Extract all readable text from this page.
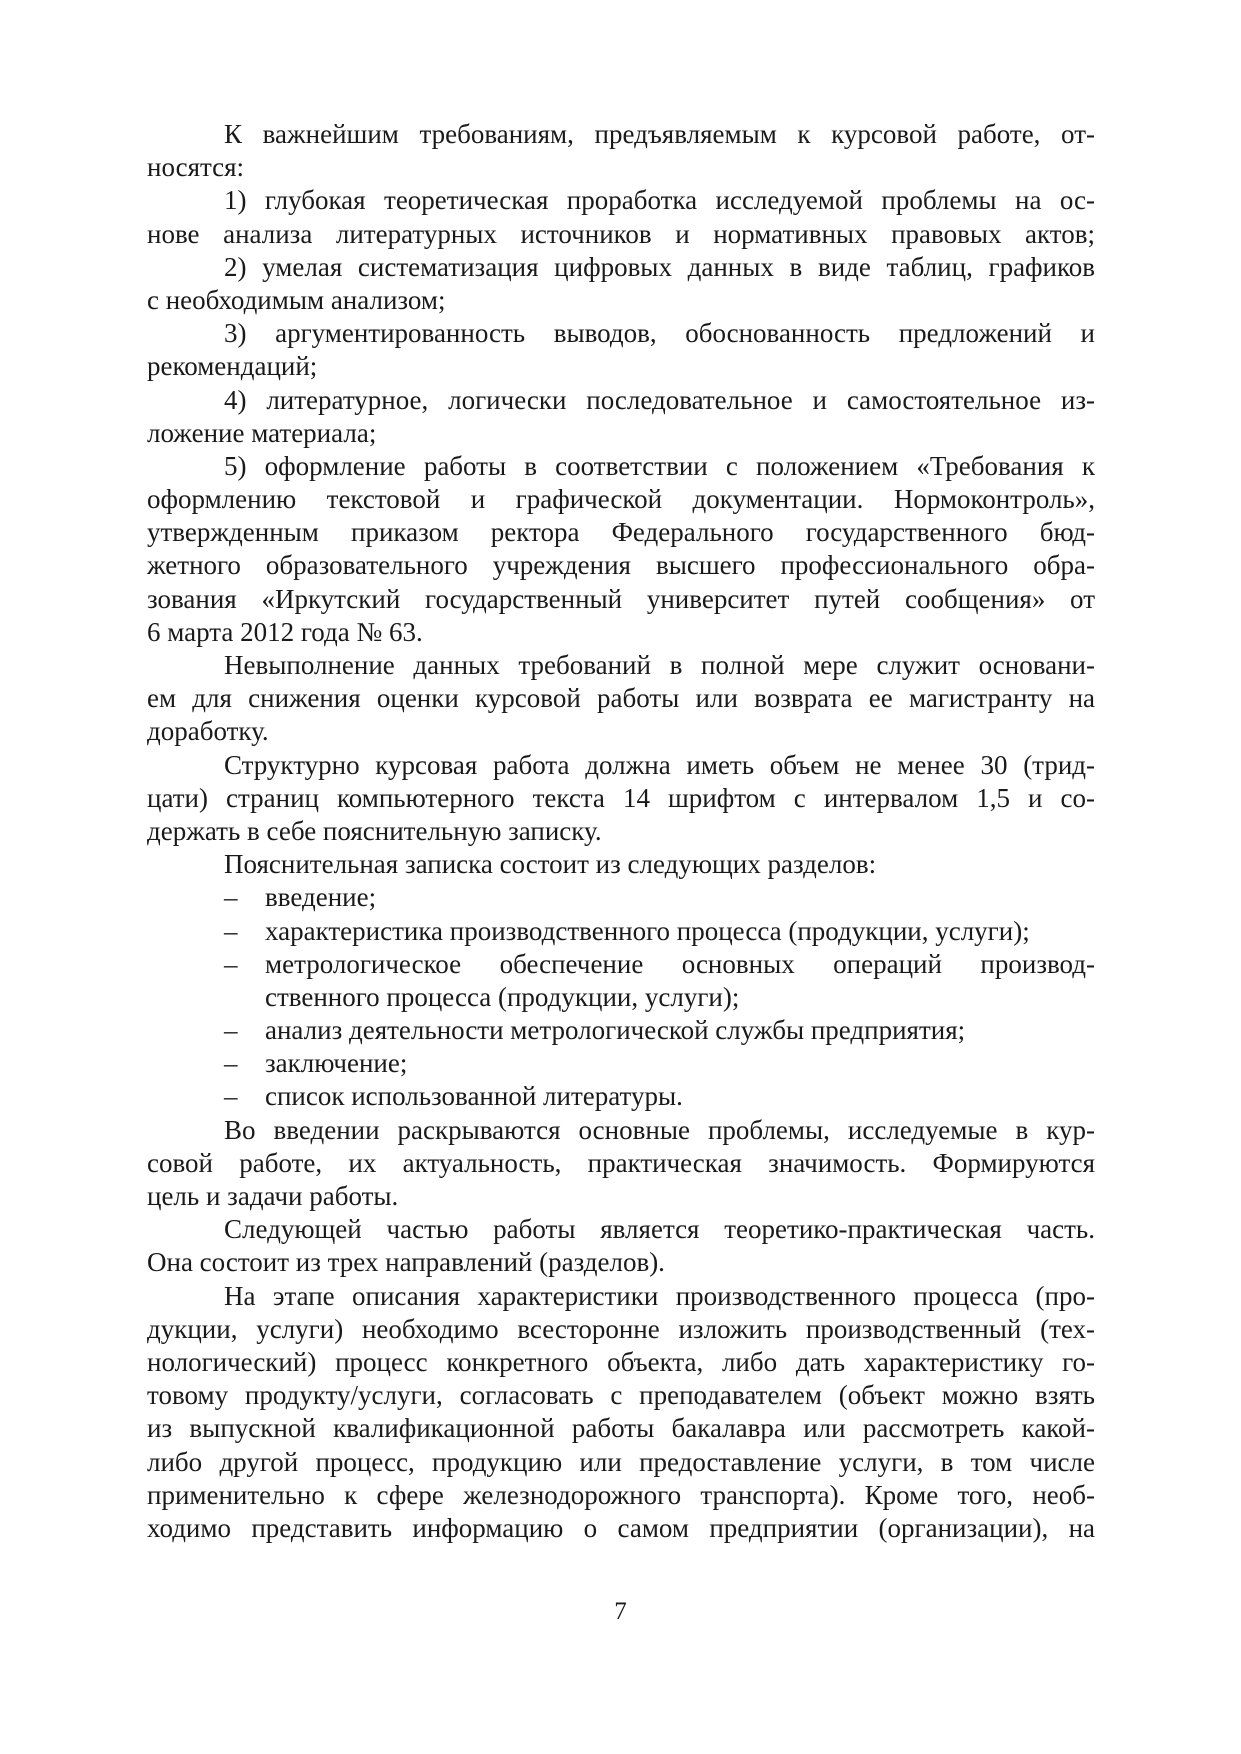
К важнейшим требованиям, предъявляемым к курсовой работе, от-
носятся:
1) глубокая теоретическая проработка исследуемой проблемы на ос-
нове анализа литературных источников и нормативных правовых актов;
2) умелая систематизация цифровых данных в виде таблиц, графиков
с необходимым анализом;
3) аргументированность выводов, обоснованность предложений и
рекомендаций;
4) литературное, логически последовательное и самостоятельное из-
ложение материала;
5) оформление работы в соответствии с положением «Требования к
оформлению текстовой и графической документации. Нормоконтроль»,
утвержденным приказом ректора Федерального государственного бюд-
жетного образовательного учреждения высшего профессионального обра-
зования «Иркутский государственный университет путей сообщения» от
6 марта 2012 года № 63.
Невыполнение данных требований в полной мере служит основани-
ем для снижения оценки курсовой работы или возврата ее магистранту на
доработку.
Структурно курсовая работа должна иметь объем не менее 30 (трид-
цати) страниц компьютерного текста 14 шрифтом с интервалом 1,5 и со-
держать в себе пояснительную записку.
Пояснительная записка состоит из следующих разделов:
–	введение;
–	характеристика производственного процесса (продукции, услуги);
–	метрологическое обеспечение основных операций производ-
ственного процесса (продукции, услуги);
–	анализ деятельности метрологической службы предприятия;
–	заключение;
–	список использованной литературы.
Во введении раскрываются основные проблемы, исследуемые в кур-
совой работе, их актуальность, практическая значимость. Формируются
цель и задачи работы.
Следующей частью работы является теоретико-практическая часть.
Она состоит из трех направлений (разделов).
На этапе описания характеристики производственного процесса (про-
дукции, услуги) необходимо всесторонне изложить производственный (тех-
нологический) процесс конкретного объекта, либо дать характеристику го-
товому продукту/услуги, согласовать с преподавателем (объект можно взять
из выпускной квалификационной работы бакалавра или рассмотреть какой-
либо другой процесс, продукцию или предоставление услуги, в том числе
применительно к сфере железнодорожного транспорта). Кроме того, необ-
ходимо представить информацию о самом предприятии (организации), на
7
